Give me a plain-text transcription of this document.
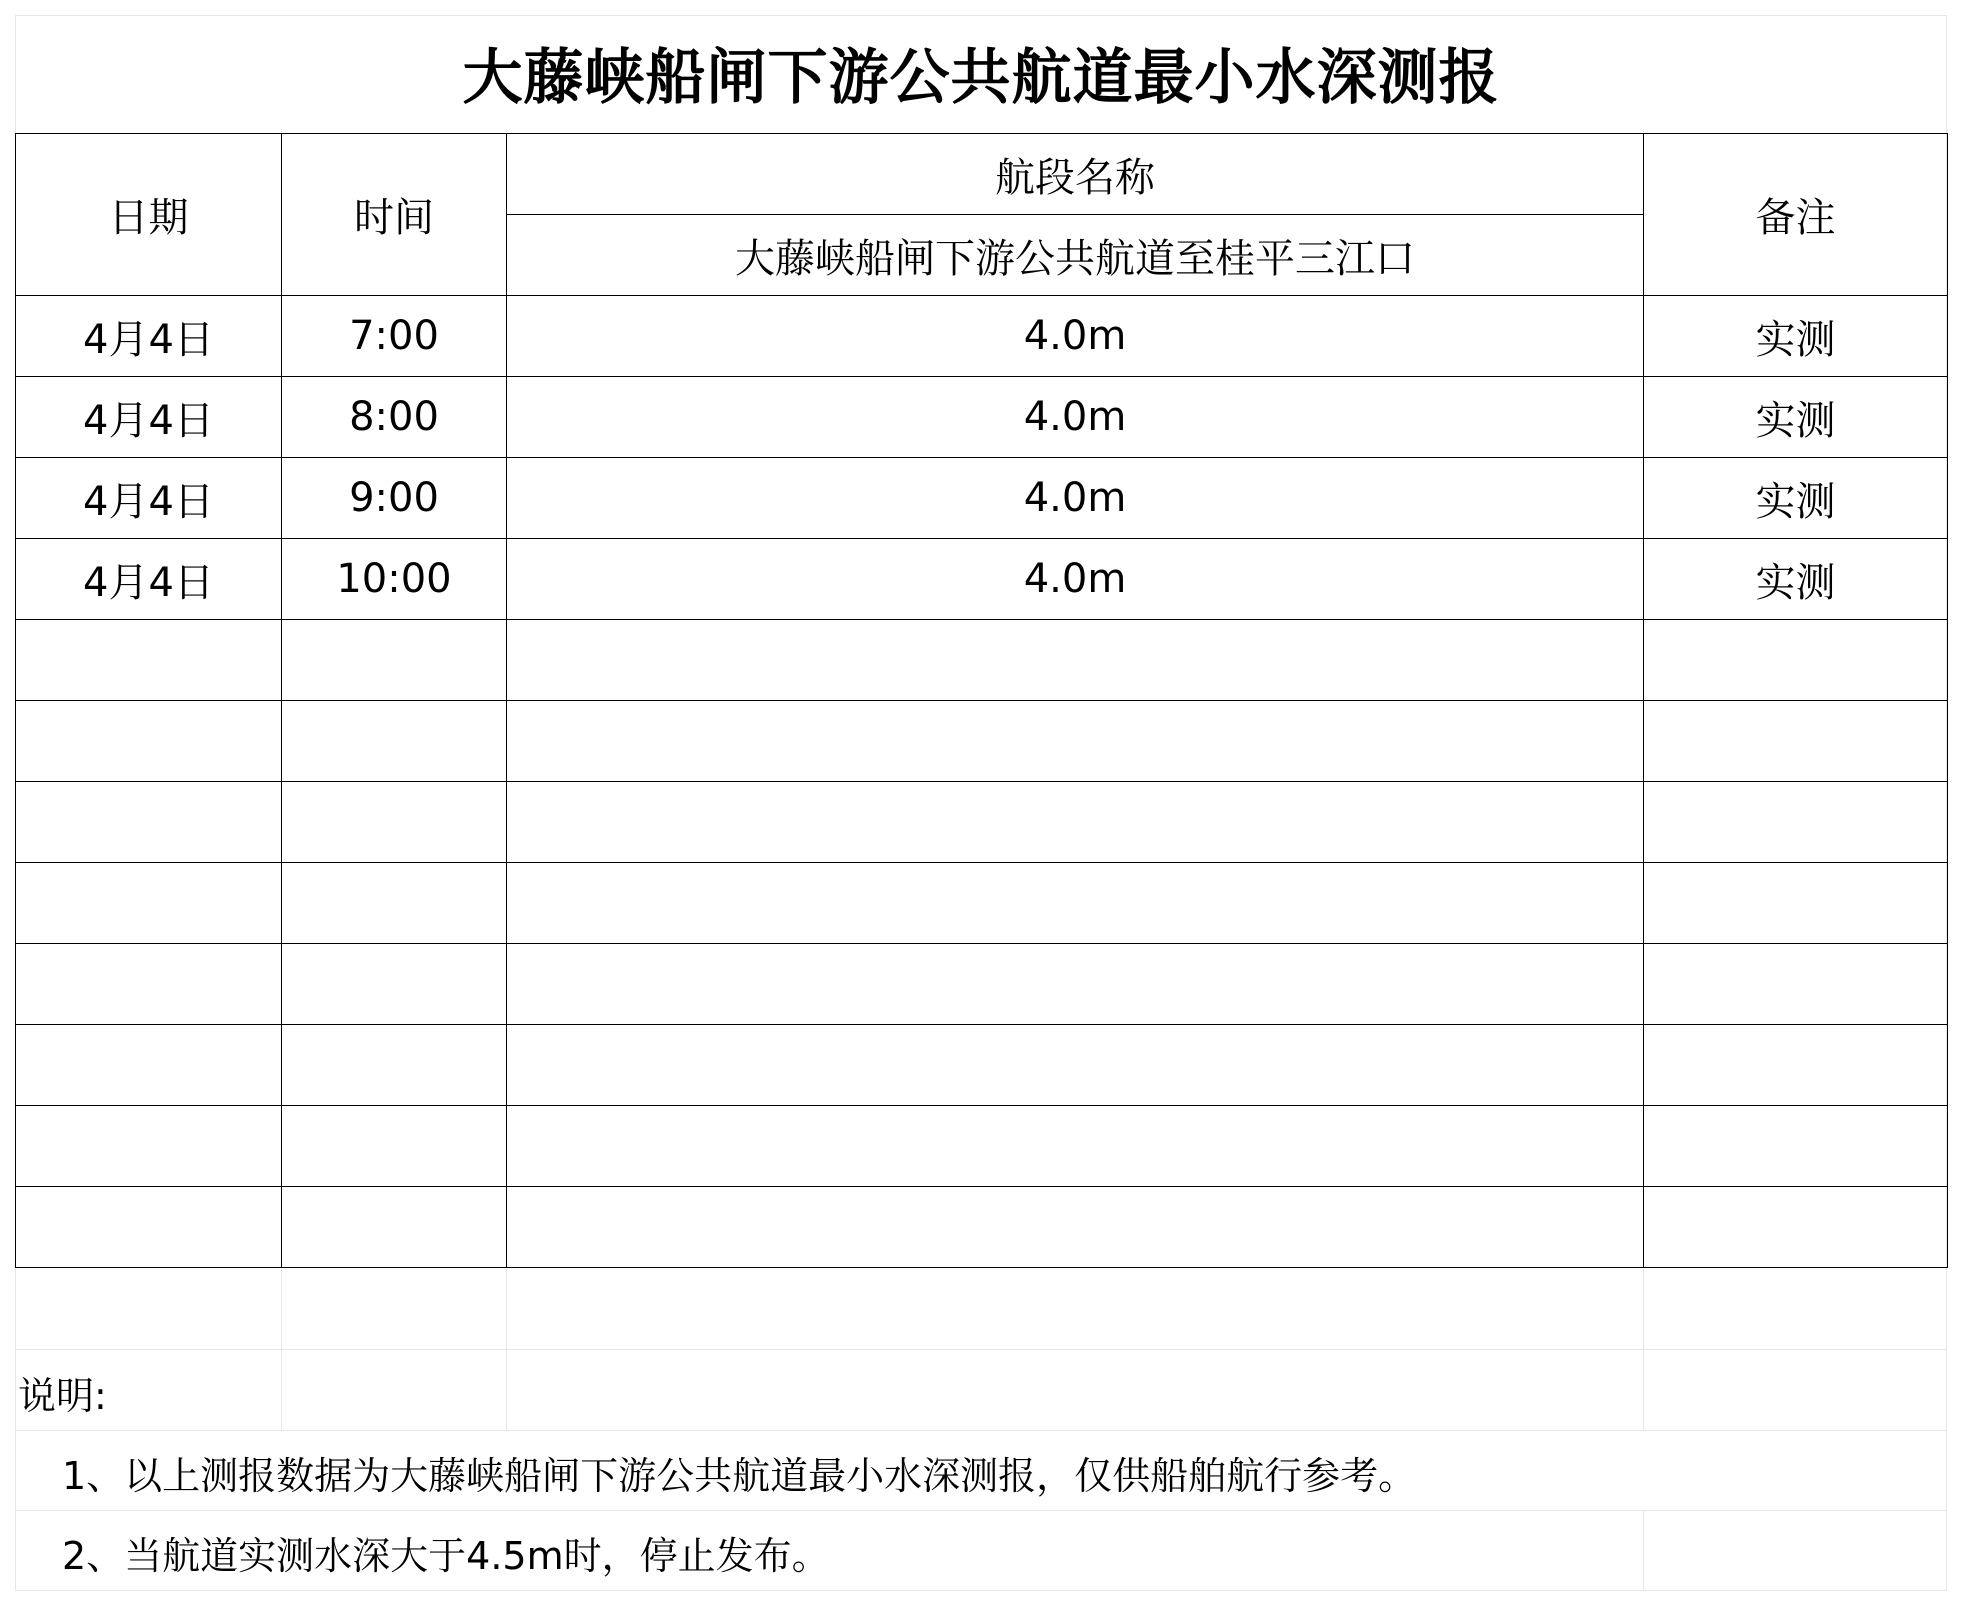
大藤峡船闸下游公共航道最小水深测报
日期	时间	航段名称	备注
		大藤峡船闸下游公共航道至桂平三江口	
4月4日	7:00	4.0m	实测
4月4日	8:00	4.0m	实测
4月4日	9:00	4.0m	实测
4月4日	10:00	4.0m	实测

说明:
1、以上测报数据为大藤峡船闸下游公共航道最小水深测报，仅供船舶航行参考。
2、当航道实测水深大于4.5m时，停止发布。
